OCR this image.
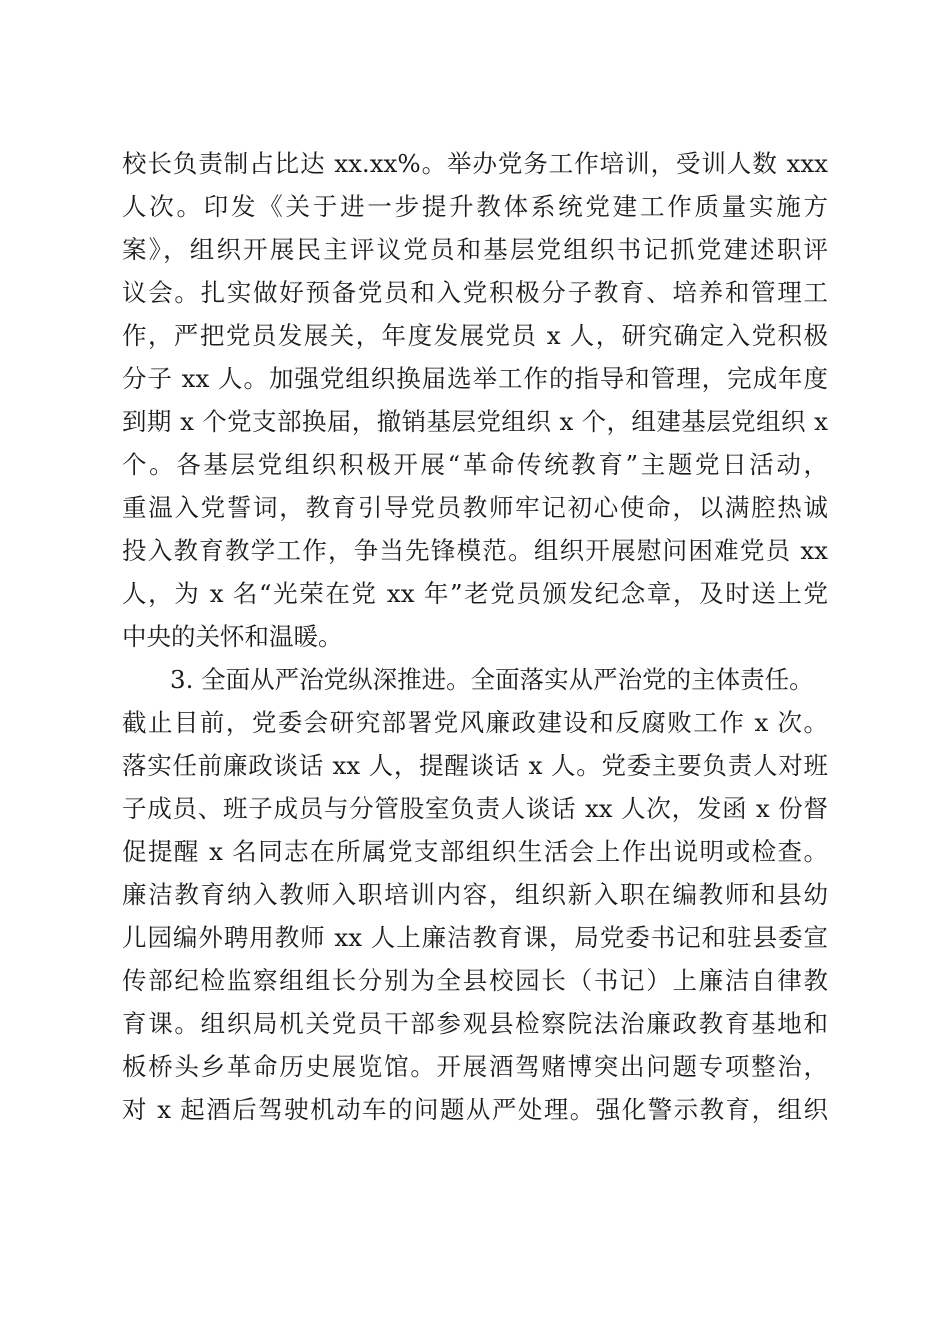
校长负责制占比达 xx.xx%。举办党务工作培训，受训人数 xxx
人次。印发《关于进一步提升教体系统党建工作质量实施方
案》，组织开展民主评议党员和基层党组织书记抓党建述职评
议会。扎实做好预备党员和入党积极分子教育、培养和管理工
作，严把党员发展关，年度发展党员 x 人，研究确定入党积极
分子 xx 人。加强党组织换届选举工作的指导和管理，完成年度
到期 x 个党支部换届，撤销基层党组织 x 个，组建基层党组织 x
个。各基层党组织积极开展“革命传统教育”主题党日活动，
重温入党誓词，教育引导党员教师牢记初心使命，以满腔热诚
投入教育教学工作，争当先锋模范。组织开展慰问困难党员 xx
人，为 x 名“光荣在党 xx 年”老党员颁发纪念章，及时送上党
中央的关怀和温暖。
3. 全面从严治党纵深推进。全面落实从严治党的主体责任。
截止目前，党委会研究部署党风廉政建设和反腐败工作 x 次。
落实任前廉政谈话 xx 人，提醒谈话 x 人。党委主要负责人对班
子成员、班子成员与分管股室负责人谈话 xx 人次，发函 x 份督
促提醒 x 名同志在所属党支部组织生活会上作出说明或检查。
廉洁教育纳入教师入职培训内容，组织新入职在编教师和县幼
儿园编外聘用教师 xx 人上廉洁教育课，局党委书记和驻县委宣
传部纪检监察组组长分别为全县校园长（书记）上廉洁自律教
育课。组织局机关党员干部参观县检察院法治廉政教育基地和
板桥头乡革命历史展览馆。开展酒驾赌博突出问题专项整治，
对 x 起酒后驾驶机动车的问题从严处理。强化警示教育，组织
